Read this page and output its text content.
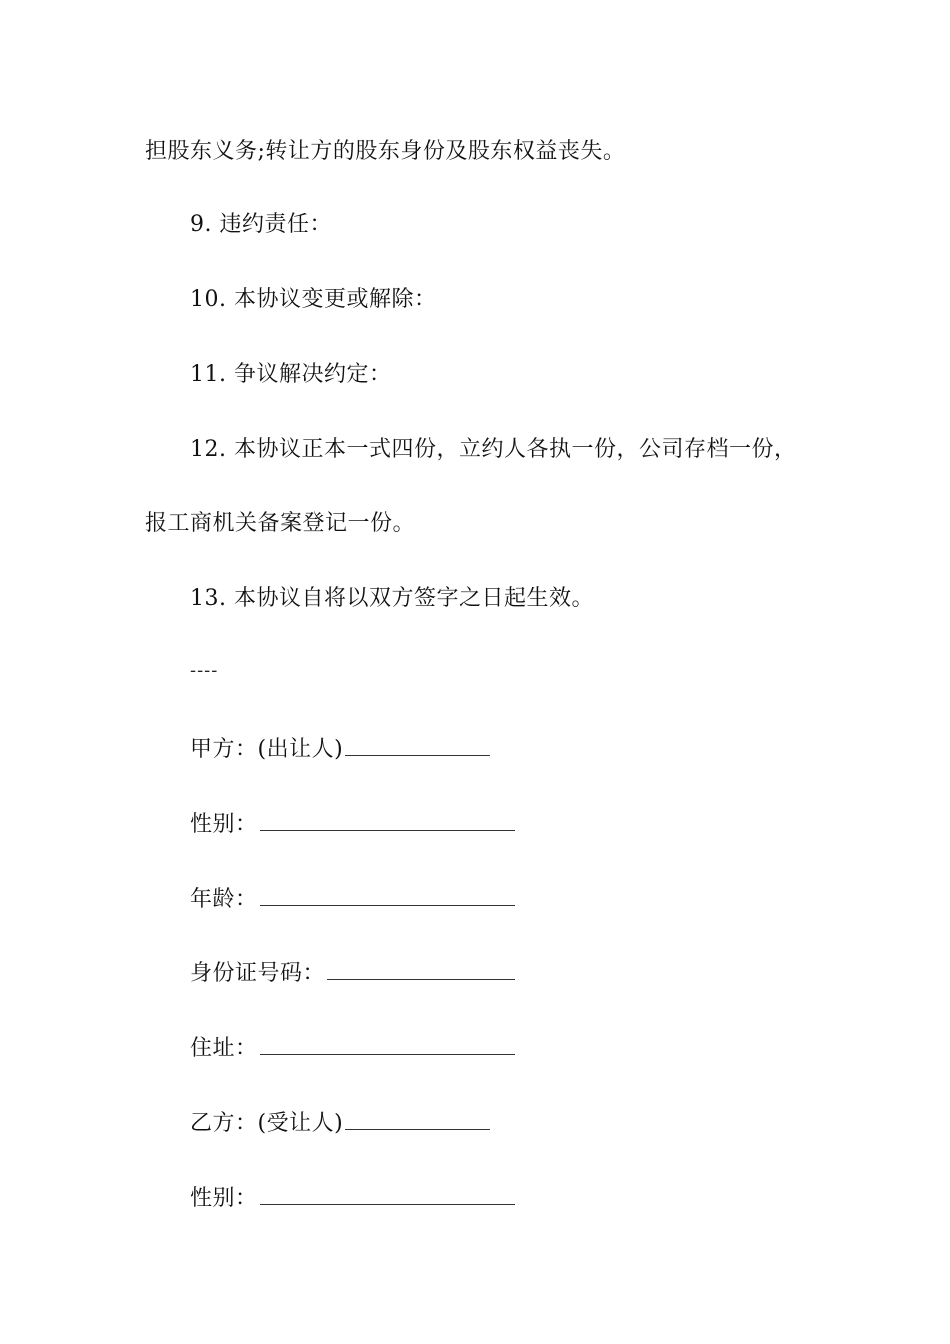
担股东义务;转让方的股东身份及股东权益丧失。
9. 违约责任：
10. 本协议变更或解除：
11. 争议解决约定：
12. 本协议正本一式四份，立约人各执一份，公司存档一份，
报工商机关备案登记一份。
13. 本协议自将以双方签字之日起生效。
----
甲方：(出让人)
性别：
年龄：
身份证号码：
住址：
乙方：(受让人)
性别：
